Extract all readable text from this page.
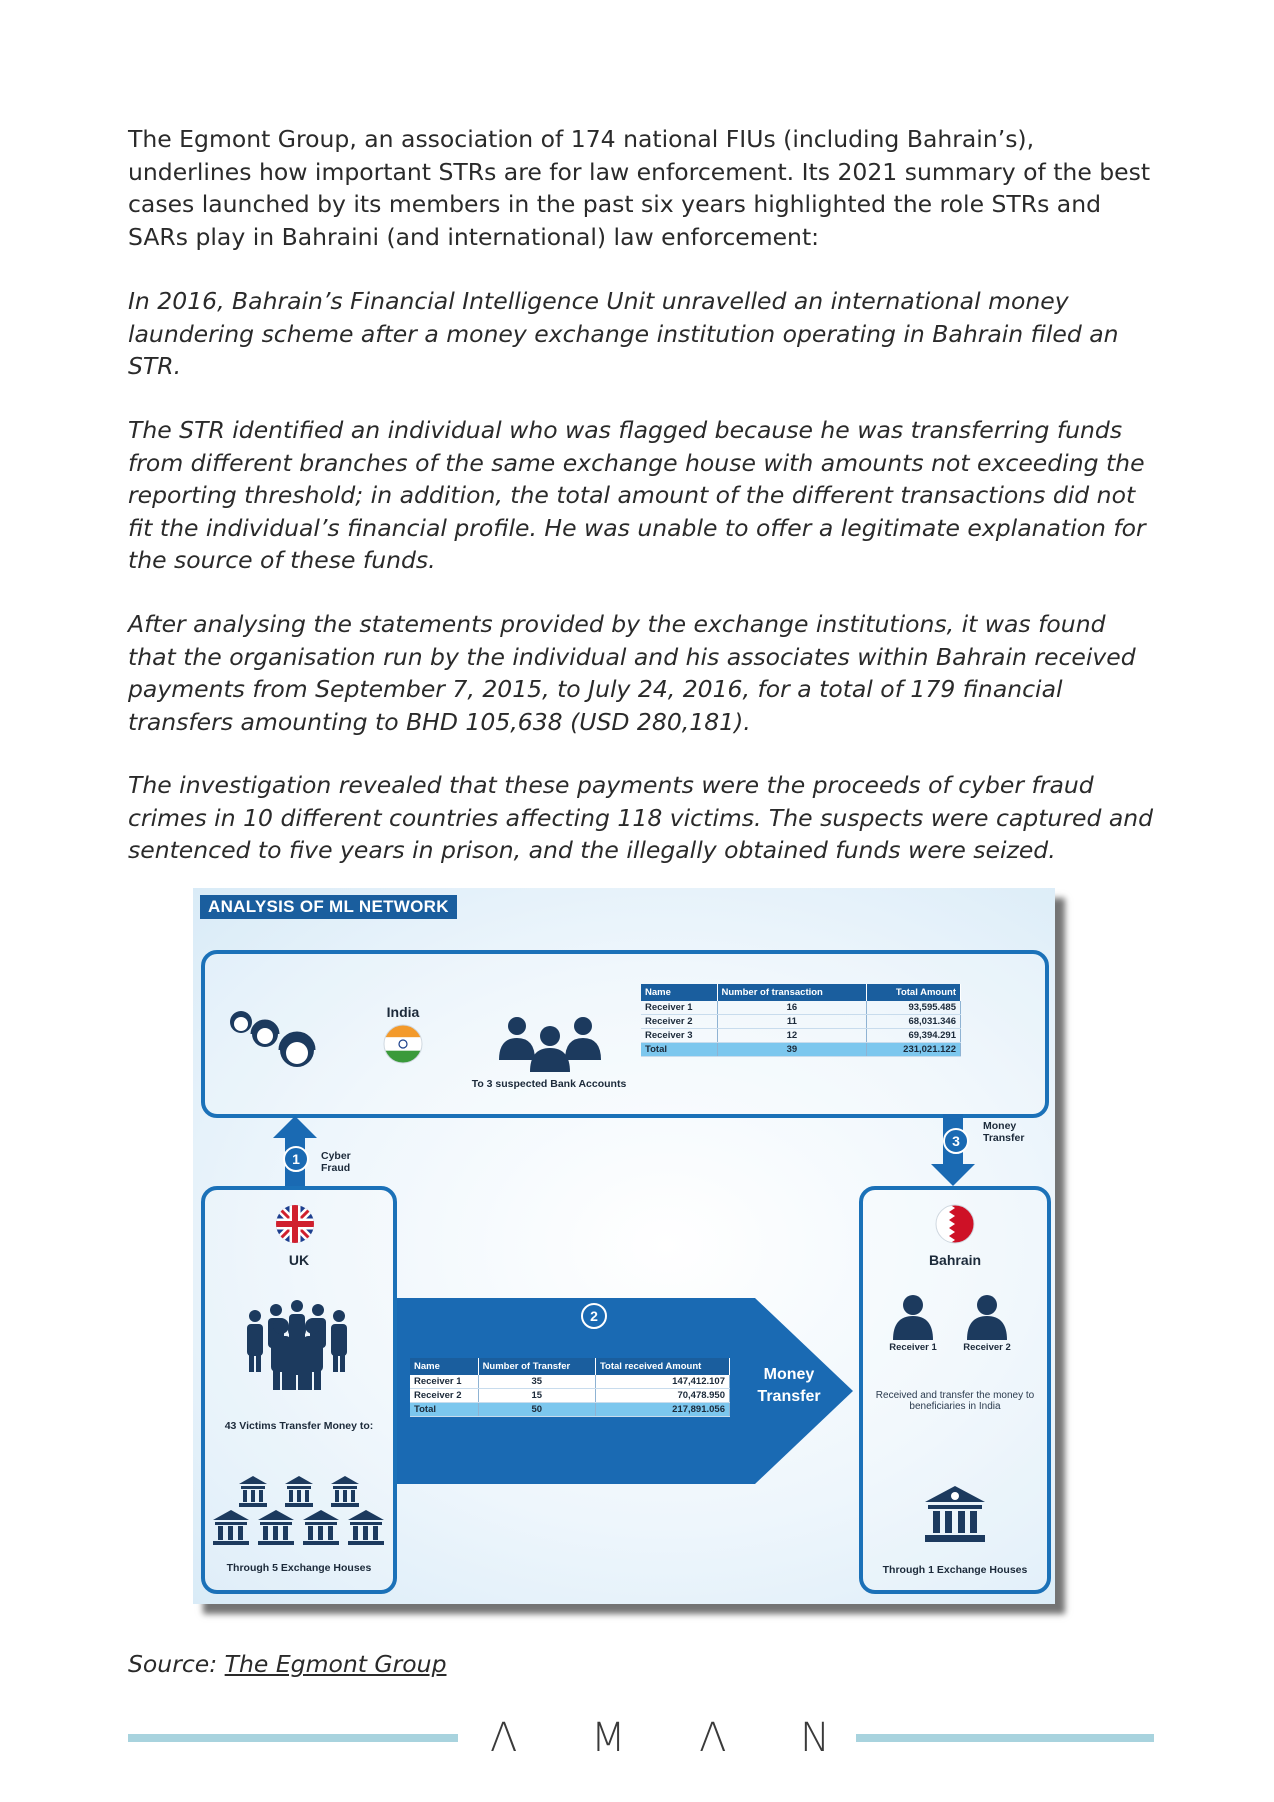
The Egmont Group, an association of 174 national FIUs (including Bahrain’s), underlines how important STRs are for law enforcement. Its 2021 summary of the best cases launched by its members in the past six years highlighted the role STRs and SARs play in Bahraini (and international) law enforcement:

In 2016, Bahrain’s Financial Intelligence Unit unravelled an international money laundering scheme after a money exchange institution operating in Bahrain filed an STR.

The STR identified an individual who was flagged because he was transferring funds from different branches of the same exchange house with amounts not exceeding the reporting threshold; in addition, the total amount of the different transactions did not fit the individual’s financial profile. He was unable to offer a legitimate explanation for the source of these funds.

After analysing the statements provided by the exchange institutions, it was found that the organisation run by the individual and his associates within Bahrain received payments from September 7, 2015, to July 24, 2016, for a total of 179 financial transfers amounting to BHD 105,638 (USD 280,181).

The investigation revealed that these payments were the proceeds of cyber fraud crimes in 10 different countries affecting 118 victims. The suspects were captured and sentenced to five years in prison, and the illegally obtained funds were seized.

ANALYSIS OF ML NETWORK
India
To 3 suspected Bank Accounts
Name	Number of transaction	Total Amount
Receiver 1	16	93,595.485
Receiver 2	11	68,031.346
Receiver 3	12	69,394.291
Total	39	231,021.122
1	Cyber
Fraud
3
Money
Transfer
UK
43 Victims Transfer Money to:
Through 5 Exchange Houses
2
Name	Number of Transfer	Total received Amount
Receiver 1	35	147,412.107
Receiver 2	15	70,478.950
Total	50	217,891.056
Money
Transfer
Bahrain
Receiver 1	Receiver 2
Received and transfer the money to beneficiaries in India
Through 1 Exchange Houses
Source: The Egmont Group
Λ M Λ N
